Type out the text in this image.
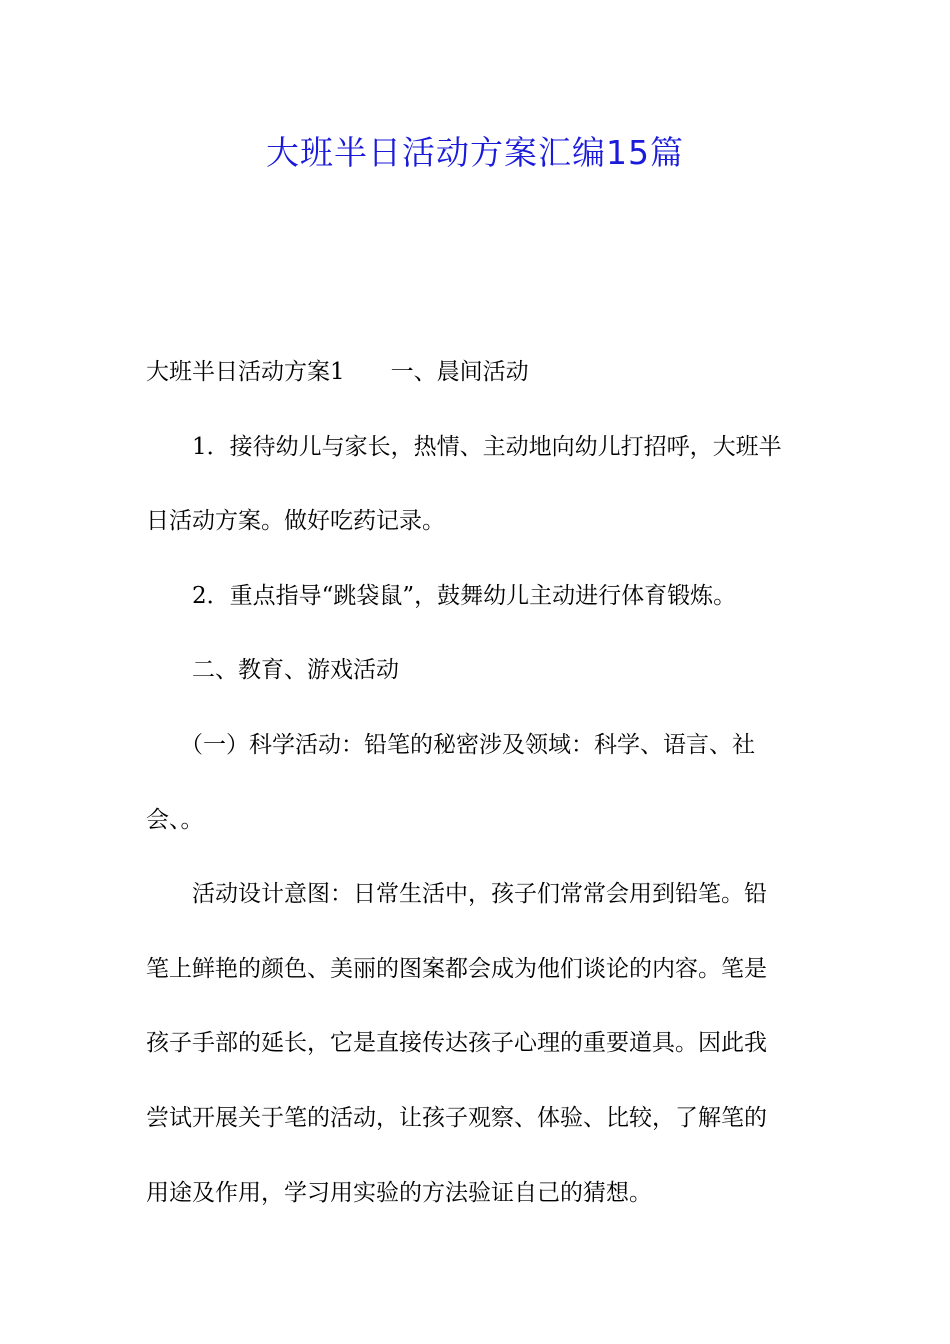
大班半日活动方案汇编15篇

大班半日活动方案1 一、晨间活动

1．接待幼儿与家长，热情、主动地向幼儿打招呼，大班半

日活动方案。做好吃药记录。

2．重点指导“跳袋鼠”，鼓舞幼儿主动进行体育锻炼。

二、教育、游戏活动

（一）科学活动：铅笔的秘密涉及领域：科学、语言、社

会、。

活动设计意图：日常生活中，孩子们常常会用到铅笔。铅

笔上鲜艳的颜色、美丽的图案都会成为他们谈论的内容。笔是

孩子手部的延长，它是直接传达孩子心理的重要道具。因此我

尝试开展关于笔的活动，让孩子观察、体验、比较，了解笔的

用途及作用，学习用实验的方法验证自己的猜想。
